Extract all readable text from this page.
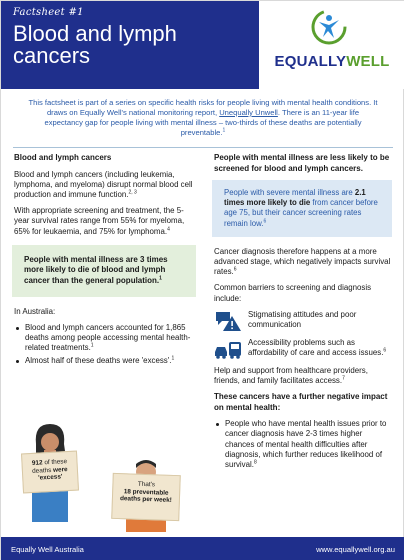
Factsheet #1
Blood and lymph cancers	EQUALLYWELL
This factsheet is part of a series on specific health risks for people living with mental health conditions. It draws on Equally Well's national monitoring report, Unequally Unwell. There is an 11-year life expectancy gap for people living with mental illness – two-thirds of these deaths are potentially preventable.$^1$
Blood and lymph cancers
Blood and lymph cancers (including leukemia, lymphoma, and myeloma) disrupt normal blood cell production and immune function.$^{2, 3}$
With appropriate screening and treatment, the 5-year survival rates range from 55% for myeloma, 65% for leukaemia, and 75% for lymphoma.$^4$
People with mental illness are 3 times more likely to die of blood and lymph cancer than the general population.$^1$
In Australia:
Blood and lymph cancers accounted for 1,865 deaths among people accessing mental health-related treatments.$^1$
Almost half of these deaths were 'excess'.$^1$
912 of these deaths were 'excess'
That's
18 preventable deaths per week!
People with mental illness are less likely to be screened for blood and lymph cancers.
People with severe mental illness are 2.1 times more likely to die from cancer before age 75, but their cancer screening rates remain low.$^6$
Cancer diagnosis therefore happens at a more advanced stage, which negatively impacts survival rates.$^6$
Common barriers to screening and diagnosis include:
Stigmatising attitudes and poor communication
Accessibility problems such as affordability of care and access issues.$^6$
Help and support from healthcare providers, friends, and family facilitates access.$^7$
These cancers have a further negative impact on mental health:
People who have mental health issues prior to cancer diagnosis have 2-3 times higher chances of mental health difficulties after diagnosis, which further reduces likelihood of survival.$^8$
Equally Well Australia	www.equallywell.org.au
